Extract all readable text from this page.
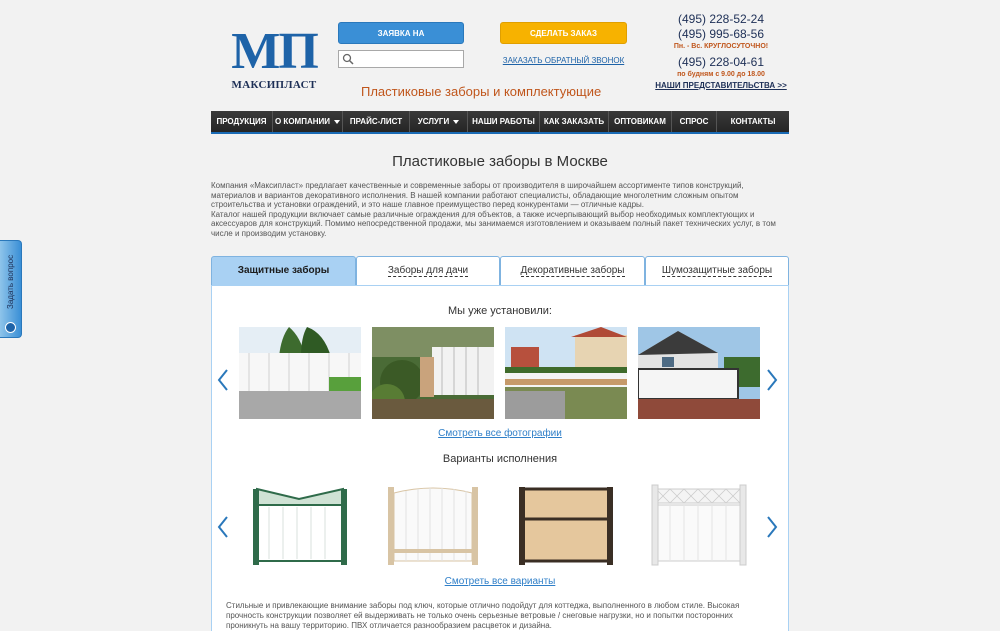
Задать вопрос
МП
МАКСИПЛАСТ
ЗАЯВКА НА	СДЕЛАТЬ ЗАКАЗ
ЗАКАЗАТЬ ОБРАТНЫЙ ЗВОНОК
Пластиковые заборы и комплектующие
(495) 228-52-24
(495) 995-68-56
Пн. - Вс. КРУГЛОСУТОЧНО!
(495) 228-04-61
по будням с 9.00 до 18.00
НАШИ ПРЕДСТАВИТЕЛЬСТВА >>
ПРОДУКЦИЯ	О КОМПАНИИ	ПРАЙС-ЛИСТ	УСЛУГИ	НАШИ РАБОТЫ	КАК ЗАКАЗАТЬ	ОПТОВИКАМ	СПРОС	КОНТАКТЫ
Пластиковые заборы в Москве
Компания «Максипласт» предлагает качественные и современные заборы от производителя в широчайшем ассортименте типов конструкций, материалов и вариантов декоративного исполнения. В нашей компании работают специалисты, обладающие многолетним сложным опытом строительства и установки ограждений, и это наше главное преимущество перед конкурентами — отличные кадры.
Каталог нашей продукции включает самые различные ограждения для объектов, а также исчерпывающий выбор необходимых комплектующих и аксессуаров для конструкций. Помимо непосредственной продажи, мы занимаемся изготовлением и оказываем полный пакет технических услуг, в том числе и производим установку.
Защитные заборы	Заборы для дачи	Декоративные заборы	Шумозащитные заборы
Мы уже установили:
Смотреть все фотографии
Варианты исполнения
Смотреть все варианты
Стильные и привлекающие внимание заборы под ключ, которые отлично подойдут для коттеджа, выполненного в любом стиле. Высокая прочность конструкции позволяет ей выдерживать не только очень серьезные ветровые / снеговые нагрузки, но и попытки посторонних проникнуть на вашу территорию. ПВХ отличается разнообразием расцветок и дизайна.
